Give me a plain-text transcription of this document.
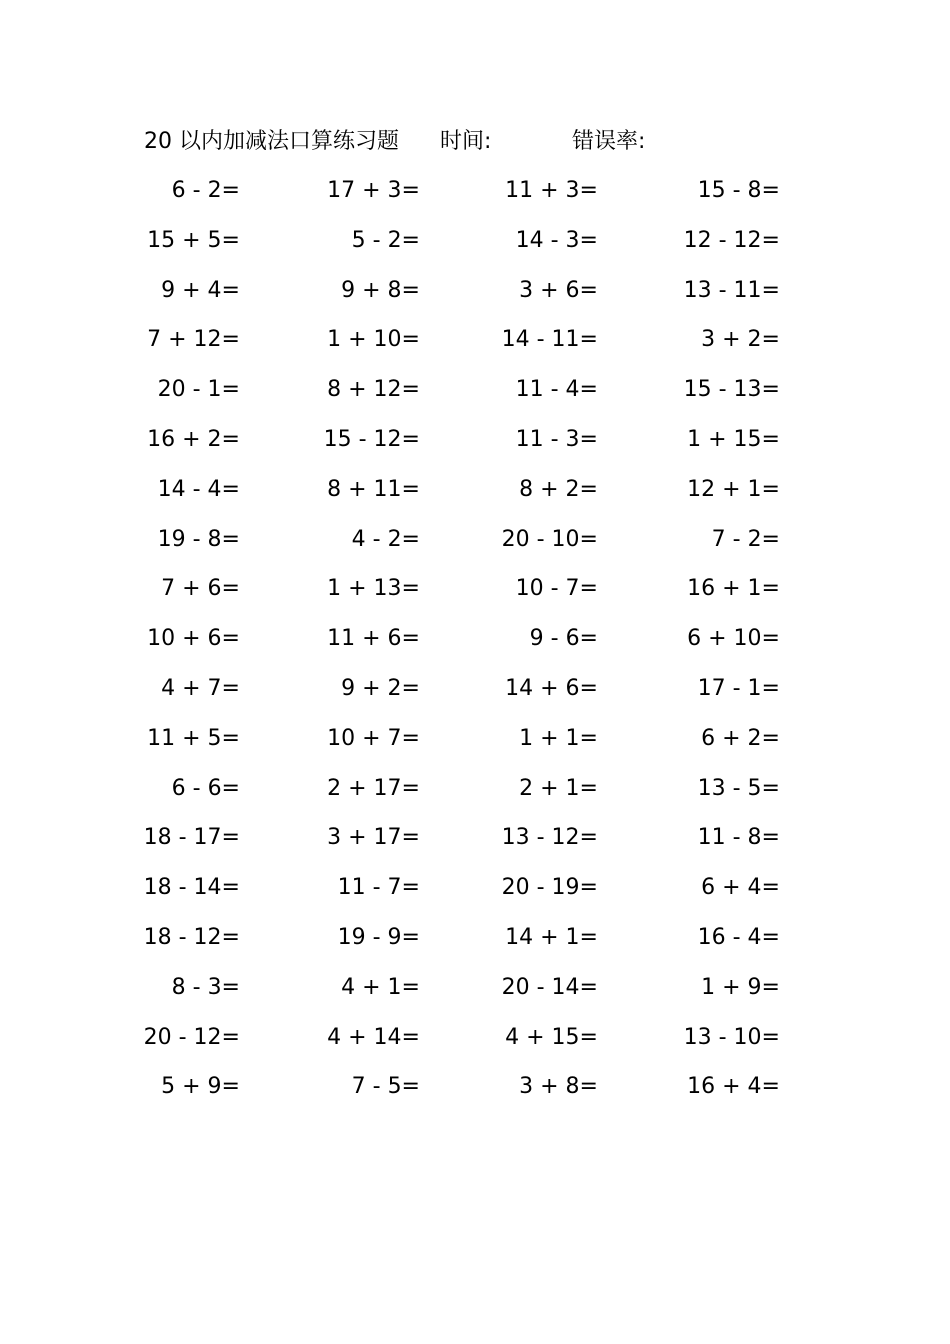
20 以内加减法口算练习题 时间:	错误率:
6 - 2=	17 + 3=	11 + 3=	15 - 8=
15 + 5=	5 - 2=	14 - 3=	12 - 12=
9 + 4=	9 + 8=	3 + 6=	13 - 11=
7 + 12=	1 + 10=	14 - 11=	3 + 2=
20 - 1=	8 + 12=	11 - 4=	15 - 13=
16 + 2=	15 - 12=	11 - 3=	1 + 15=
14 - 4=	8 + 11=	8 + 2=	12 + 1=
19 - 8=	4 - 2=	20 - 10=	7 - 2=
7 + 6=	1 + 13=	10 - 7=	16 + 1=
10 + 6=	11 + 6=	9 - 6=	6 + 10=
4 + 7=	9 + 2=	14 + 6=	17 - 1=
11 + 5=	10 + 7=	1 + 1=	6 + 2=
6 - 6=	2 + 17=	2 + 1=	13 - 5=
18 - 17=	3 + 17=	13 - 12=	11 - 8=
18 - 14=	11 - 7=	20 - 19=	6 + 4=
18 - 12=	19 - 9=	14 + 1=	16 - 4=
8 - 3=	4 + 1=	20 - 14=	1 + 9=
20 - 12=	4 + 14=	4 + 15=	13 - 10=
5 + 9=	7 - 5=	3 + 8=	16 + 4=
